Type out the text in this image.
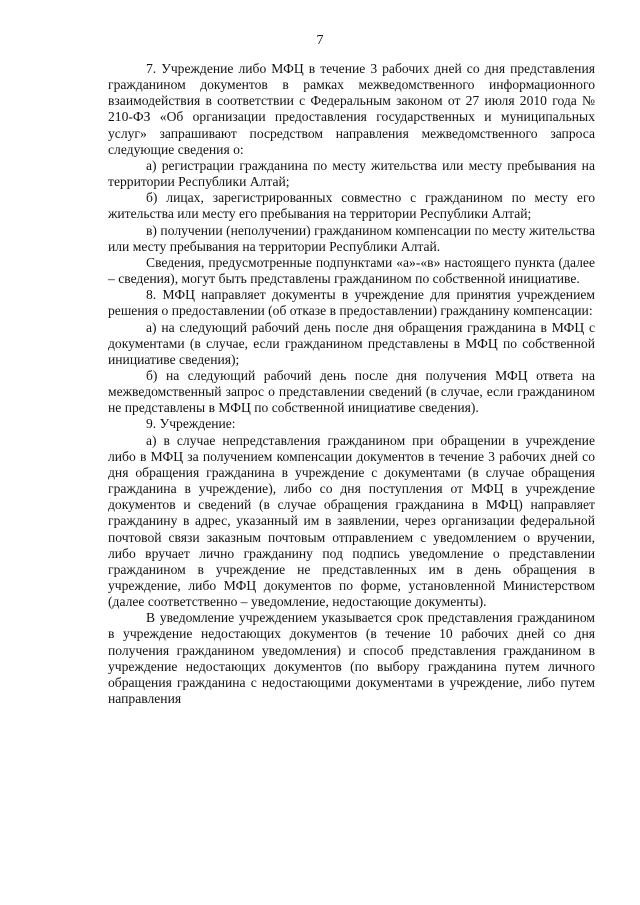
7

7. Учреждение либо МФЦ в течение 3 рабочих дней со дня представления гражданином документов в рамках межведомственного информационного взаимодействия в соответствии с Федеральным законом от 27 июля 2010 года № 210-ФЗ «Об организации предоставления государственных и муниципальных услуг» запрашивают посредством направления межведомственного запроса следующие сведения о:

а) регистрации гражданина по месту жительства или месту пребывания на территории Республики Алтай;

б) лицах, зарегистрированных совместно с гражданином по месту его жительства или месту его пребывания на территории Республики Алтай;

в) получении (неполучении) гражданином компенсации по месту жительства или месту пребывания на территории Республики Алтай.

Сведения, предусмотренные подпунктами «а»-«в» настоящего пункта (далее – сведения), могут быть представлены гражданином по собственной инициативе.

8. МФЦ направляет документы в учреждение для принятия учреждением решения о предоставлении (об отказе в предоставлении) гражданину компенсации:

а) на следующий рабочий день после дня обращения гражданина в МФЦ с документами (в случае, если гражданином представлены в МФЦ по собственной инициативе сведения);

б) на следующий рабочий день после дня получения МФЦ ответа на межведомственный запрос о представлении сведений (в случае, если гражданином не представлены в МФЦ по собственной инициативе сведения).

9. Учреждение:

а) в случае непредставления гражданином при обращении в учреждение либо в МФЦ за получением компенсации документов в течение 3 рабочих дней со дня обращения гражданина в учреждение с документами (в случае обращения гражданина в учреждение), либо со дня поступления от МФЦ в учреждение документов и сведений (в случае обращения гражданина в МФЦ) направляет гражданину в адрес, указанный им в заявлении, через организации федеральной почтовой связи заказным почтовым отправлением с уведомлением о вручении, либо вручает лично гражданину под подпись уведомление о представлении гражданином в учреждение не представленных им в день обращения в учреждение, либо МФЦ документов по форме, установленной Министерством (далее соответственно – уведомление, недостающие документы).

В уведомление учреждением указывается срок представления гражданином в учреждение недостающих документов (в течение 10 рабочих дней со дня получения гражданином уведомления) и способ представления гражданином в учреждение недостающих документов (по выбору гражданина путем личного обращения гражданина с недостающими документами в учреждение, либо путем направления
